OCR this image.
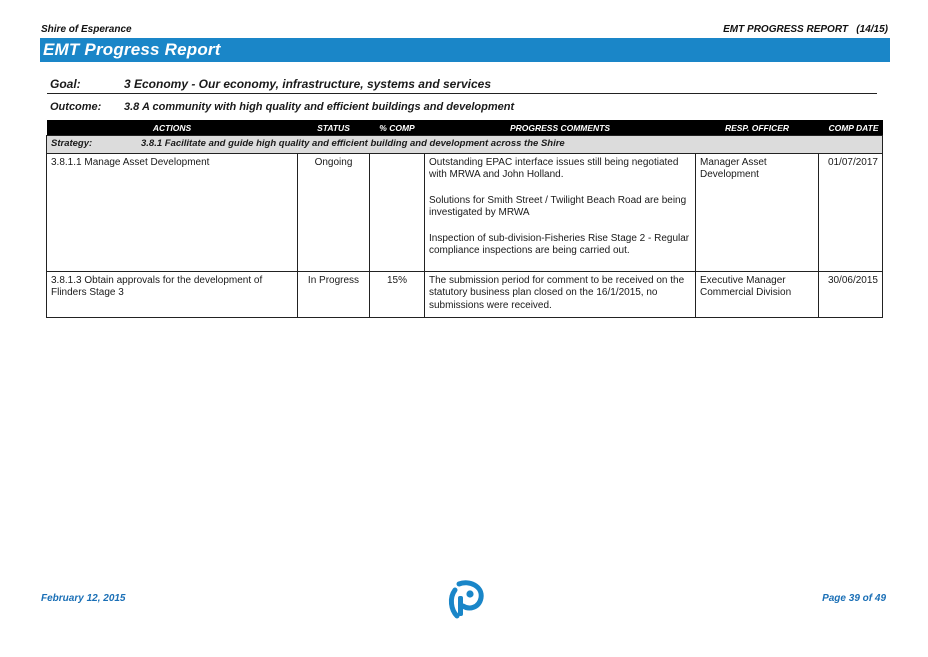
Shire of Esperance	EMT PROGRESS REPORT   (14/15)
EMT Progress Report
Goal:	3 Economy - Our economy, infrastructure, systems and services
Outcome: 3.8 A community with high quality and efficient buildings and development
ACTIONS	STATUS	% COMP	PROGRESS COMMENTS	RESP. OFFICER	COMP DATE
Strategy: 3.8.1 Facilitate and guide high quality and efficient building and development across the Shire					
3.8.1.1 Manage Asset Development	Ongoing		Outstanding EPAC interface issues still being negotiated with MRWA and John Holland.
Solutions for Smith Street / Twilight Beach Road are being investigated by MRWA
Inspection of sub-division-Fisheries Rise Stage 2 - Regular compliance inspections are being carried out.	Manager Asset Development	01/07/2017
3.8.1.3 Obtain approvals for the development of Flinders Stage 3	In Progress	15%	The submission period for comment to be received on the statutory business plan closed on the 16/1/2015, no submissions were received.	Executive Manager Commercial Division	30/06/2015
February 12, 2015	Page 39 of 49
